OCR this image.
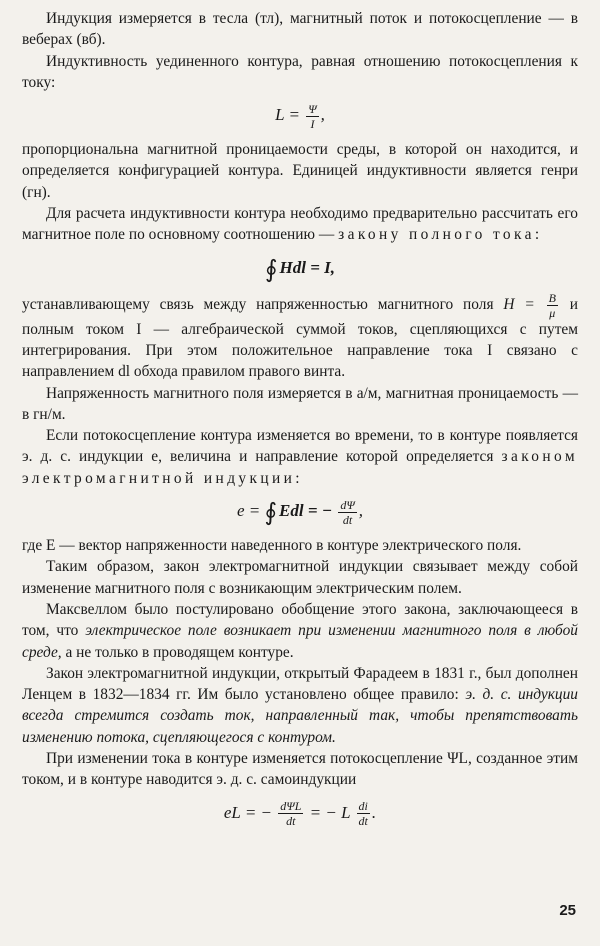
Индукция измеряется в тесла (тл), магнитный поток и потокосцепление — в веберах (вб).

Индуктивность уединенного контура, равная отношению потокосцепления к току:

$L = \frac{\Psi}{I}$ ,

пропорциональна магнитной проницаемости среды, в которой он находится, и определяется конфигурацией контура. Единицей индуктивности является генри (гн).

Для расчета индуктивности контура необходимо предварительно рассчитать его магнитное поле по основному соотношению — закону полного тока:

∮ Hdl = I,

устанавливающему связь между напряженностью магнитного поля $H = \frac{B}{\mu}$ и полным током I — алгебраической суммой токов, сцепляющихся с путем интегрирования. При этом положительное направление тока I связано с направлением dl обхода правилом правого винта.

Напряженность магнитного поля измеряется в а/м, магнитная проницаемость — в гн/м.

Если потокосцепление контура изменяется во времени, то в контуре появляется э. д. с. индукции e, величина и направление которой определяется законом электромагнитной индукции:

e = ∮ Edl = − $\frac{d\Psi}{dt}$ ,

где E — вектор напряженности наведенного в контуре электрического поля.

Таким образом, закон электромагнитной индукции связывает между собой изменение магнитного поля с возникающим электрическим полем.

Максвеллом было постулировано обобщение этого закона, заключающееся в том, что электрическое поле возникает при изменении магнитного поля в любой среде, а не только в проводящем контуре.

Закон электромагнитной индукции, открытый Фарадеем в 1831 г., был дополнен Ленцем в 1832—1834 гг. Им было установлено общее правило: э. д. с. индукции всегда стремится создать ток, направленный так, чтобы препятствовать изменению потока, сцепляющегося с контуром.

При изменении тока в контуре изменяется потокосцепление ΨL, созданное этим током, и в контуре наводится э. д. с. самоиндукции

eL = − $\frac{\text{dΨL}}{dt}$ = − L $\frac{di}{dt}$ .
25
